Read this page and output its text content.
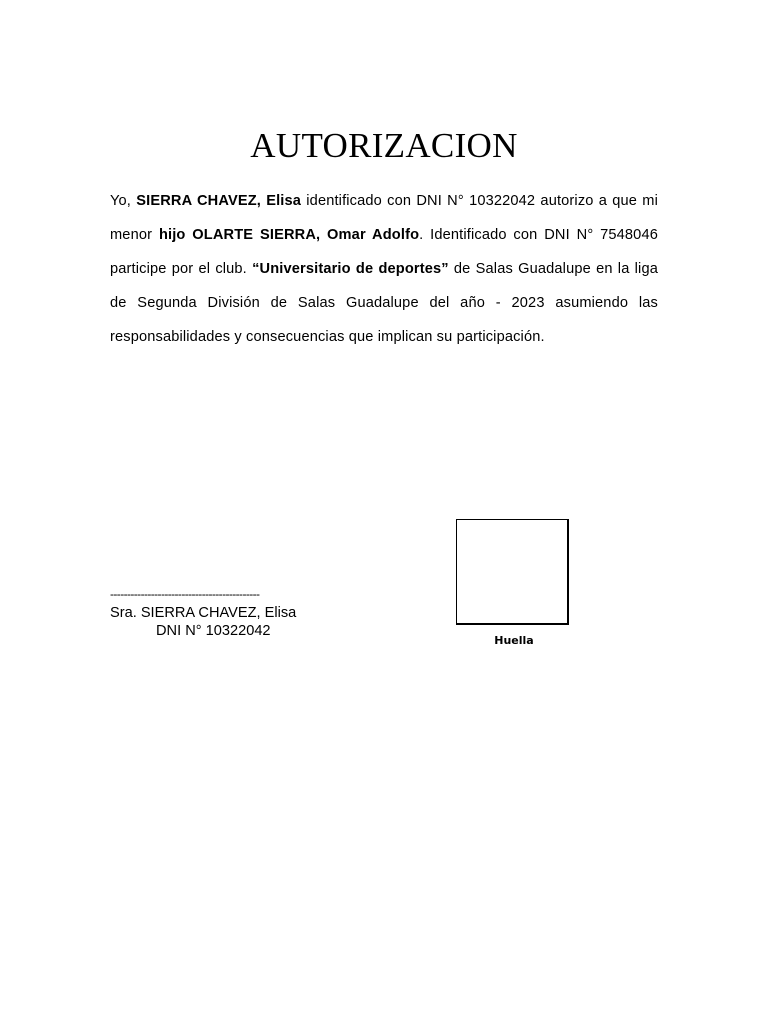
AUTORIZACION

Yo, SIERRA CHAVEZ, Elisa identificado con DNI N° 10322042 autorizo a que mi menor hijo OLARTE SIERRA, Omar Adolfo. Identificado con DNI N° 7548046 participe por el club. “Universitario de deportes” de Salas Guadalupe en la liga de Segunda División de Salas Guadalupe del año - 2023 asumiendo las responsabilidades y consecuencias que implican su participación.

--------------------------------------------
Sra. SIERRA CHAVEZ, Elisa
DNI N° 10322042
Huella
